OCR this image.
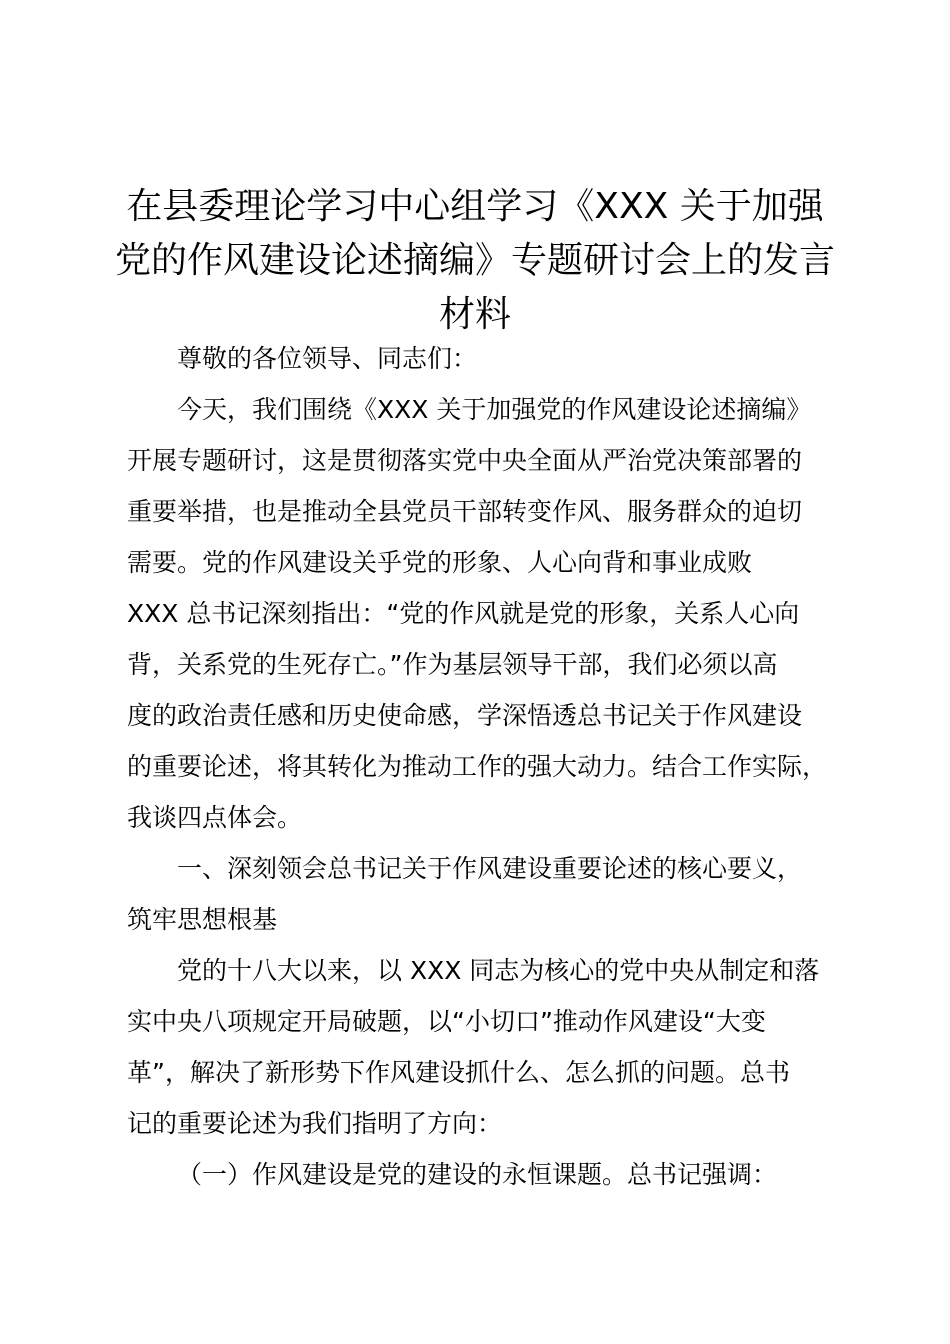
在县委理论学习中心组学习《XXX 关于加强
党的作风建设论述摘编》专题研讨会上的发言
材料
尊敬的各位领导、同志们：
今天，我们围绕《XXX 关于加强党的作风建设论述摘编》
开展专题研讨，这是贯彻落实党中央全面从严治党决策部署的
重要举措，也是推动全县党员干部转变作风、服务群众的迫切
需要。党的作风建设关乎党的形象、人心向背和事业成败
XXX 总书记深刻指出：“党的作风就是党的形象，关系人心向
背，关系党的生死存亡。”作为基层领导干部，我们必须以高
度的政治责任感和历史使命感，学深悟透总书记关于作风建设
的重要论述，将其转化为推动工作的强大动力。结合工作实际，
我谈四点体会。
一、深刻领会总书记关于作风建设重要论述的核心要义，
筑牢思想根基
党的十八大以来，以 XXX 同志为核心的党中央从制定和落
实中央八项规定开局破题，以“小切口”推动作风建设“大变
革”，解决了新形势下作风建设抓什么、怎么抓的问题。总书
记的重要论述为我们指明了方向：
（一）作风建设是党的建设的永恒课题。总书记强调：
